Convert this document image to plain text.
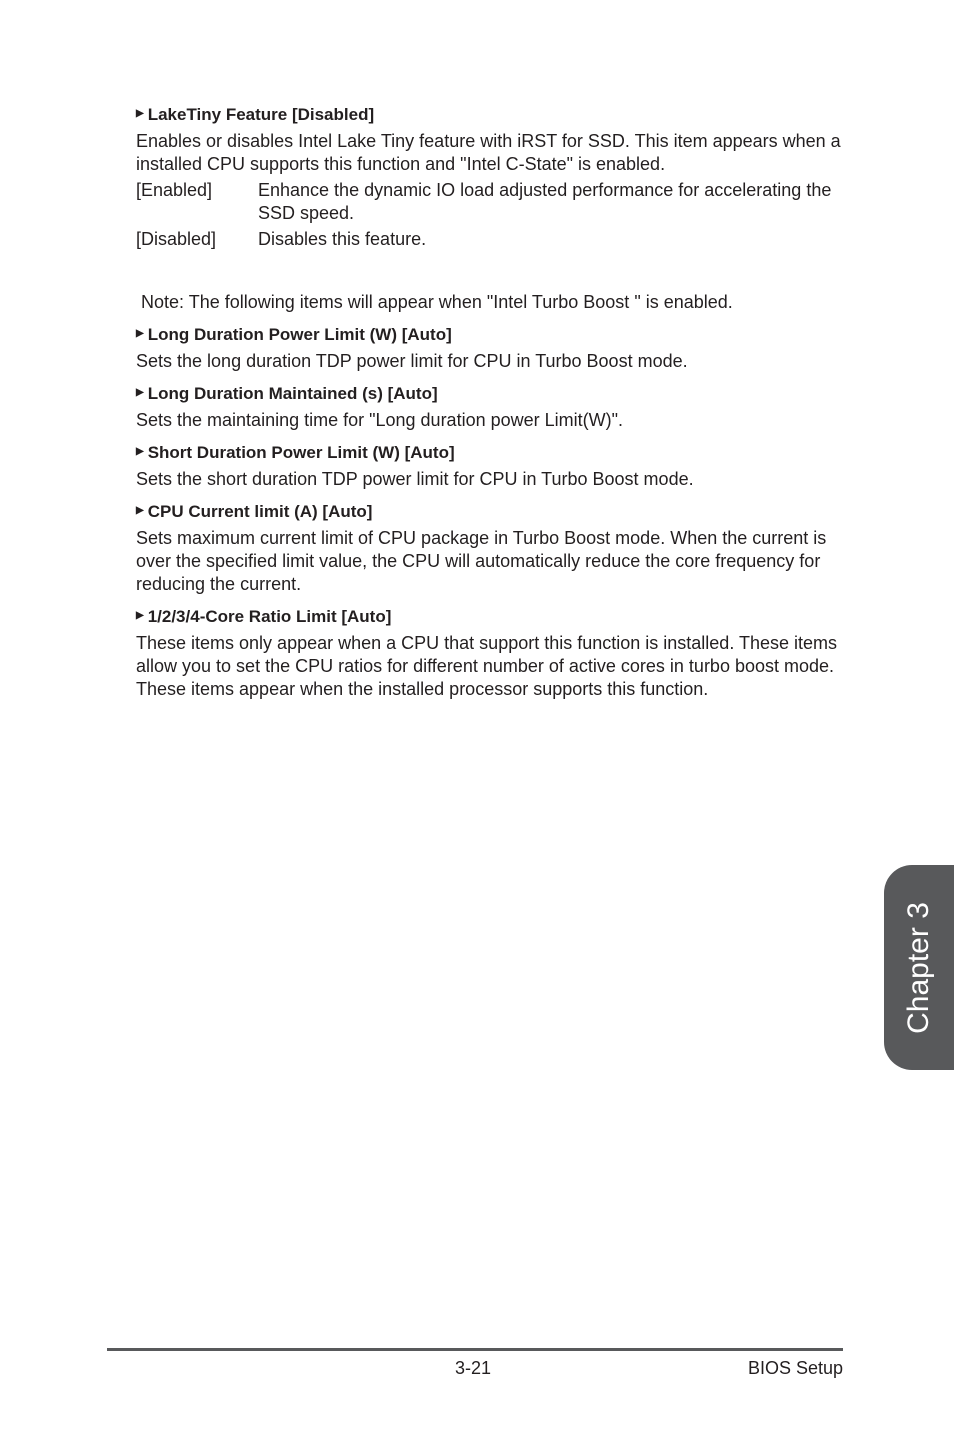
▶ LakeTiny Feature [Disabled]

Enables or disables Intel Lake Tiny feature with iRST for SSD. This item appears when a installed CPU supports this function and "Intel C-State" is enabled.

[Enabled]	Enhance the dynamic IO load adjusted performance for accelerating the SSD speed.
[Disabled]	Disables this feature.

Note: The following items will appear when "Intel Turbo Boost " is enabled.

▶ Long Duration Power Limit (W) [Auto]

Sets the long duration TDP power limit for CPU in Turbo Boost mode.

▶ Long Duration Maintained (s) [Auto]

Sets the maintaining time for "Long duration power Limit(W)".

▶ Short Duration Power Limit (W) [Auto]

Sets the short duration TDP power limit for CPU in Turbo Boost mode.

▶ CPU Current limit (A) [Auto]

Sets maximum current limit of CPU package in Turbo Boost mode. When the current is over the specified limit value, the CPU will automatically reduce the core frequency for reducing the current.

▶ 1/2/3/4-Core Ratio Limit [Auto]

These items only appear when a CPU that support this function is installed. These items allow you to set the CPU ratios for different number of active cores in turbo boost mode. These items appear when the installed processor supports this function.

Chapter 3
3-21	BIOS Setup
